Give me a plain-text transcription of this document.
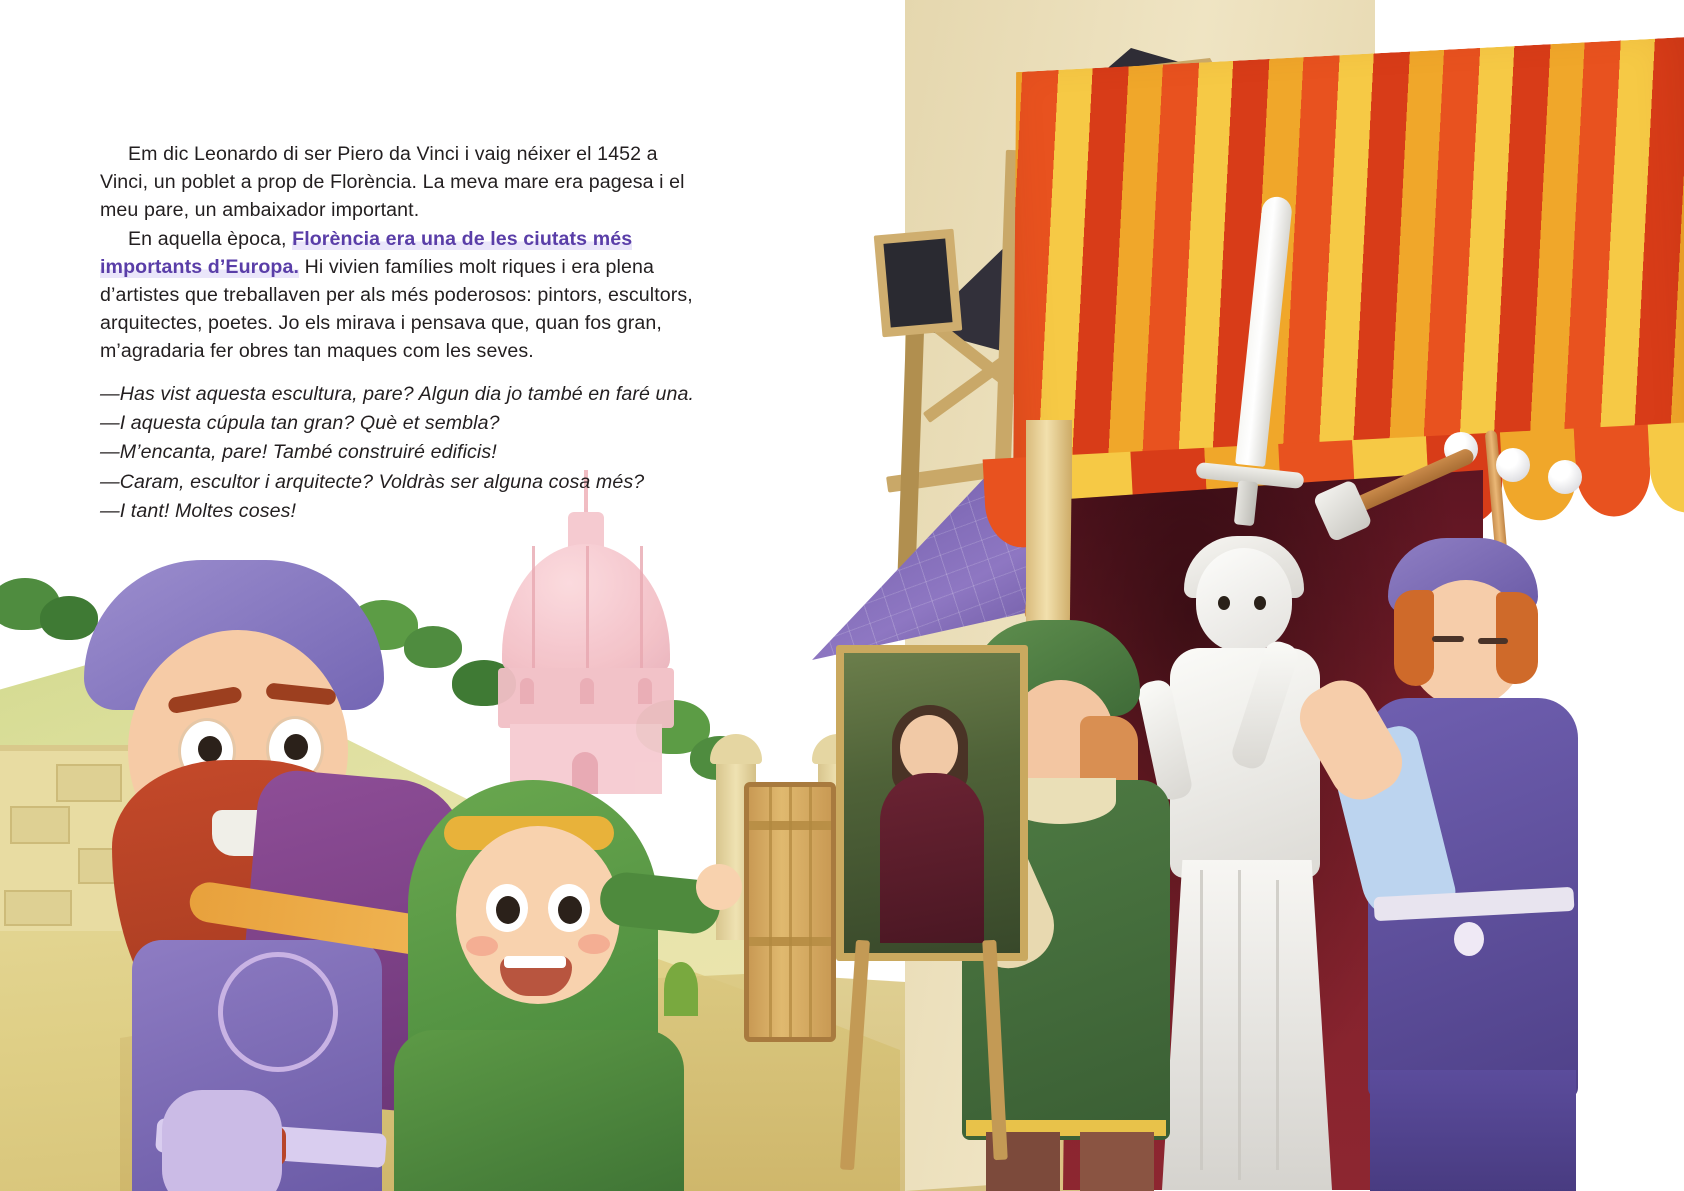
Em dic Leonardo di ser Piero da Vinci i vaig néixer el 1452 a Vinci, un poblet a prop de Florència. La meva mare era pagesa i el meu pare, un ambaixador important.

En aquella època, Florència era una de les ciutats més importants d’Europa. Hi vivien famílies molt riques i era plena d’artistes que treballaven per als més poderosos: pintors, escultors, arquitectes, poetes. Jo els mirava i pensava que, quan fos gran, m’agradaria fer obres tan maques com les seves.

—Has vist aquesta escultura, pare? Algun dia jo també en faré una.

—I aquesta cúpula tan gran? Què et sembla?

—M’encanta, pare! També construiré edificis!

—Caram, escultor i arquitecte? Voldràs ser alguna cosa més?

—I tant! Moltes coses!
